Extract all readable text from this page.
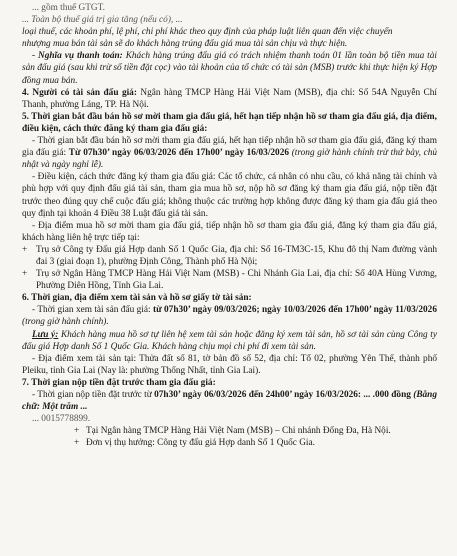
... gồm thuế GTGT.

... Toàn bộ thuế giá trị gia tăng (nếu có), ...

loại thuế, các khoản phí, lệ phí, chi phí khác theo quy định của pháp luật liên quan đến việc chuyển

nhượng mua bán tài sản sẽ do khách hàng trúng đấu giá mua tài sản chịu và thực hiện.

- Nghĩa vụ thanh toán: Khách hàng trúng đấu giá có trách nhiệm thanh toán 01 lần toàn bộ tiền mua tài sản đấu giá (sau khi trừ số tiền đặt cọc) vào tài khoản của tổ chức có tài sản (MSB) trước khi thực hiện ký Hợp đồng mua bán.

4. Người có tài sản đấu giá: Ngân hàng TMCP Hàng Hải Việt Nam (MSB), địa chỉ: Số 54A Nguyễn Chí Thanh, phường Láng, TP. Hà Nội.

5. Thời gian bắt đầu bán hồ sơ mời tham gia đấu giá, hết hạn tiếp nhận hồ sơ tham gia đấu giá, địa điểm, điều kiện, cách thức đăng ký tham gia đấu giá:

- Thời gian bắt đầu bán hồ sơ mời tham gia đấu giá, hết hạn tiếp nhận hồ sơ tham gia đấu giá, đăng ký tham gia đấu giá: Từ 07h30’ ngày 06/03/2026 đến 17h00’ ngày 16/03/2026 (trong giờ hành chính trừ thứ bảy, chủ nhật và ngày nghỉ lễ).

- Điều kiện, cách thức đăng ký tham gia đấu giá: Các tổ chức, cá nhân có nhu cầu, có khả năng tài chính và phù hợp với quy định đấu giá tài sản, tham gia mua hồ sơ, nộp hồ sơ đăng ký tham gia đấu giá, nộp tiền đặt trước theo đúng quy chế cuộc đấu giá; không thuộc các trường hợp không được đăng ký tham gia đấu giá theo quy định tại khoản 4 Điều 38 Luật đấu giá tài sản.

- Địa điểm mua hồ sơ mời tham gia đấu giá, tiếp nhận hồ sơ tham gia đấu giá, đăng ký tham gia đấu giá, khách hàng liên hệ trực tiếp tại:

+ Trụ sở Công ty Đấu giá Hợp danh Số 1 Quốc Gia, địa chỉ: Số 16-TM3C-15, Khu đô thị Nam đường vành đai 3 (giai đoạn 1), phường Định Công, Thành phố Hà Nội;
+ Trụ sở Ngân Hàng TMCP Hàng Hải Việt Nam (MSB) - Chi Nhánh Gia Lai, địa chỉ: Số 40A Hùng Vương, Phường Diên Hồng, Tỉnh Gia Lai.

6. Thời gian, địa điểm xem tài sản và hồ sơ giấy tờ tài sản:

- Thời gian xem tài sản đấu giá: từ 07h30’ ngày 09/03/2026; ngày 10/03/2026 đến 17h00’ ngày 11/03/2026 (trong giờ hành chính).

Lưu ý: Khách hàng mua hồ sơ tự liên hệ xem tài sản hoặc đăng ký xem tài sản, hồ sơ tài sản cùng Công ty đấu giá Hợp danh Số 1 Quốc Gia. Khách hàng chịu mọi chi phí đi xem tài sản.

- Địa điểm xem tài sản tại: Thửa đất số 81, tờ bản đồ số 52, địa chỉ: Tổ 02, phường Yên Thế, thành phố Pleiku, tỉnh Gia Lai (Nay là: phường Thống Nhất, tỉnh Gia Lai).

7. Thời gian nộp tiền đặt trước tham gia đấu giá:

- Thời gian nộp tiền đặt trước từ 07h30’ ngày 06/03/2026 đến 24h00’ ngày 16/03/2026: ... .000 đồng (Bằng chữ: Một trăm ...

... 0015778899.

+ Tại Ngân hàng TMCP Hàng Hải Việt Nam (MSB) – Chi nhánh Đống Đa, Hà Nội.
+ Đơn vị thụ hưởng: Công ty đấu giá Hợp danh Số 1 Quốc Gia.
